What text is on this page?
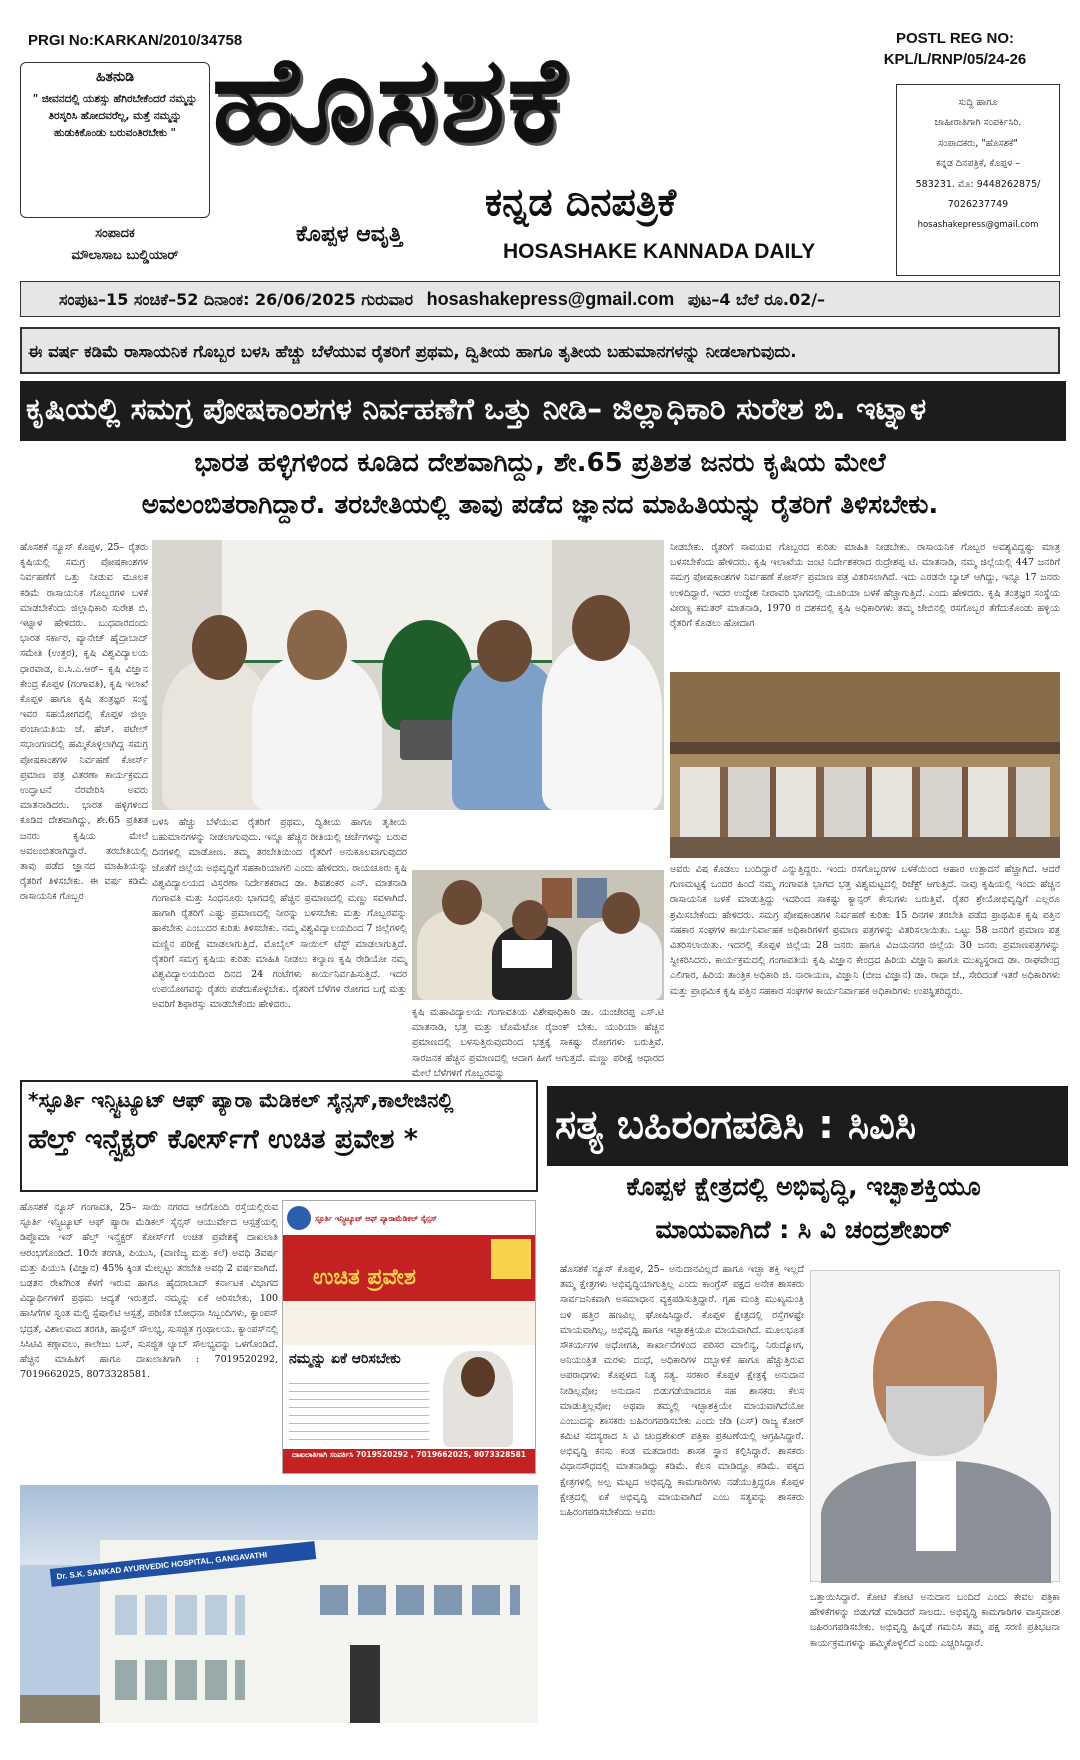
PRGI No:KARKAN/2010/34758	POSTL REG NO:
KPL/L/RNP/05/24-26
ಹಿತನುಡಿ
" ಜೀವನದಲ್ಲಿ ಯಶಸ್ಸು ಹೆಗಿರಬೇಕೆಂದರೆ ನಮ್ಮನ್ನು ತಿರಸ್ಕರಿಸಿ ಹೋದವರೆಲ್ಲ, ಮತ್ತೆ ನಮ್ಮನ್ನು ಹುಡುಕಿಕೊಂಡು ಬರುವಂತಿರಬೇಕು "
ಸಂಪಾದಕ
ಮೌಲಾಸಾಬ ಬುಲ್ಡಿಯಾರ್
ಹೊಸಶಕೆ
ಕನ್ನಡ ದಿನಪತ್ರಿಕೆ
ಕೊಪ್ಪಳ ಆವೃತ್ತಿ
HOSASHAKE KANNADA DAILY
ಸುದ್ದಿ ಹಾಗೂ
ಜಾಹೀರಾತಿಗಾಗಿ ಸಂಪರ್ಕಿಸಿರಿ.
ಸಂಪಾದಕರು, "ಹೊಸಶಕೆ"
ಕನ್ನಡ ದಿನಪತ್ರಿಕೆ, ಕೊಪ್ಪಳ –
583231. ಮೊ: 9448262875/
7026237749
hosashakepress@gmail.com
ಸಂಪುಟ–15 ಸಂಚಿಕೆ–52 ದಿನಾಂಕ: 26/06/2025 ಗುರುವಾರ hosashakepress@gmail.com ಪುಟ–4 ಬೆಲೆ ರೂ.02/–
ಈ ವರ್ಷ ಕಡಿಮೆ ರಾಸಾಯನಿಕ ಗೊಬ್ಬರ ಬಳಸಿ ಹೆಚ್ಚು ಬೆಳೆಯುವ ರೈತರಿಗೆ ಪ್ರಥಮ, ದ್ವಿತೀಯ ಹಾಗೂ ತೃತೀಯ ಬಹುಮಾನಗಳನ್ನು ನೀಡಲಾಗುವುದು.
ಕೃಷಿಯಲ್ಲಿ ಸಮಗ್ರ ಪೋಷಕಾಂಶಗಳ ನಿರ್ವಹಣೆಗೆ ಒತ್ತು ನೀಡಿ– ಜಿಲ್ಲಾಧಿಕಾರಿ ಸುರೇಶ ಬಿ. ಇಟ್ನಾಳ
ಭಾರತ ಹಳ್ಳಿಗಳಿಂದ ಕೂಡಿದ ದೇಶವಾಗಿದ್ದು, ಶೇ.65 ಪ್ರತಿಶತ ಜನರು ಕೃಷಿಯ ಮೇಲೆ
ಅವಲಂಬಿತರಾಗಿದ್ದಾರೆ. ತರಬೇತಿಯಲ್ಲಿ ತಾವು ಪಡೆದ ಜ್ಞಾನದ ಮಾಹಿತಿಯನ್ನು ರೈತರಿಗೆ ತಿಳಿಸಬೇಕು.
ಹೊಸಶಕೆ ನ್ಯೂಸ್ ಕೊಪ್ಪಳ, 25– ರೈತರು ಕೃಷಿಯಲ್ಲಿ ಸಮಗ್ರ ಪೋಷಕಾಂಶಗಳ ನಿರ್ವಹಣೆಗೆ ಒತ್ತು ನೀಡುವ ಮೂಲಕ ಕಡಿಮೆ ರಾಸಾಯನಿಕ ಗೊಬ್ಬರಗಳ ಬಳಕೆ ಮಾಡಬೇಕೆಂದು ಜಿಲ್ಲಾಧಿಕಾರಿ ಸುರೇಶ ಬಿ. ಇಟ್ನಾಳ ಹೇಳಿದರು. ಬುಧವಾರದಂದು ಭಾರತ ಸರ್ಕಾರ, ವ್ಯಾನೇಜ್ ಹೈದ್ರಾಬಾದ್ ಸಮೇತಿ (ಉತ್ತರ), ಕೃಷಿ ವಿಶ್ವವಿದ್ಯಾಲಯ ಧಾರವಾಡ, ಐ.ಸಿ.ಎ.ಆರ್– ಕೃಷಿ ವಿಜ್ಞಾನ ಕೇಂದ್ರ ಕೊಪ್ಪಳ (ಗಂಗಾವತಿ), ಕೃಷಿ ಇಲಾಖೆ ಕೊಪ್ಪಳ ಹಾಗೂ ಕೃಷಿ ತಂತ್ರಜ್ಞರ ಸಂಸ್ಥೆ ಇವರ ಸಹಯೋಗದಲ್ಲಿ ಕೊಪ್ಪಳ ಜಿಲ್ಲಾ ಪಂಚಾಯತಿಯ ಜೆ. ಹೆಚ್. ಪಟೇಲ್ ಸಭಾಂಗಣದಲ್ಲಿ ಹಮ್ಮಿಕೊಳ್ಳಲಾಗಿದ್ದ ಸಮಗ್ರ ಪೋಷಕಾಂಶಗಳ ನಿರ್ವಹಣೆ ಕೋರ್ಸ್ ಪ್ರಮಾಣ ಪತ್ರ ವಿತರಣಾ ಕಾರ್ಯಕ್ರಮದ ಉದ್ಘಾಟನೆ ನೆರವೇರಿಸಿ ಅವರು ಮಾತನಾಡಿದರು. ಭಾರತ ಹಳ್ಳಿಗಳಿಂದ ಕೂಡಿದ ದೇಶವಾಗಿದ್ದು, ಶೇ.65 ಪ್ರತಿಶತ ಜನರು ಕೃಷಿಯ ಮೇಲೆ ಅವಲಂಬಿತರಾಗಿದ್ದಾರೆ. ತರಬೇತಿಯಲ್ಲಿ ತಾವು ಪಡೆದ ಜ್ಞಾನದ ಮಾಹಿತಿಯನ್ನು ರೈತರಿಗೆ ತಿಳಿಸಬೇಕು. ಈ ವರ್ಷ ಕಡಿಮೆ ರಾಸಾಯನಿಕ ಗೊಬ್ಬರ
ಬಳಸಿ ಹೆಚ್ಚು ಬೆಳೆಯುವ ರೈತರಿಗೆ ಪ್ರಥಮ, ದ್ವಿತೀಯ ಹಾಗೂ ತೃತೀಯ ಬಹುಮಾನಗಳನ್ನು ನೀಡಲಾಗುವುದು. ಇನ್ನೂ ಹೆಚ್ಚಿನ ರೀತಿಯಲ್ಲಿ ಚರ್ಚೆಗಳನ್ನು ಬರುವ ದಿನಗಳಲ್ಲಿ ಮಾಡೋಣ. ತಮ್ಮ ತರಬೇತಿಯಿಂದ ರೈತರಿಗೆ ಅನುಕೂಲವಾಗುವುದರ ಜೊತೆಗೆ ಜಿಲ್ಲೆಯ ಅಭಿವೃದ್ಧಿಗೆ ಸಹಕಾರಿಯಾಗಲಿ ಎಂದು ಹೇಳಿದರು. ರಾಯಚೂರು ಕೃಷಿ ವಿಶ್ವವಿದ್ಯಾಲಯದ ವಿಸ್ತರಣಾ ನಿರ್ದೇಶಕರಾದ ಡಾ. ಶಿವಶಂಕರ ಎನ್. ಮಾತನಾಡಿ ಗಂಗಾವತಿ ಮತ್ತು ಸಿಂಧನೂರು ಭಾಗದಲ್ಲಿ ಹೆಚ್ಚಿನ ಪ್ರಮಾಣದಲ್ಲಿ ಮಣ್ಣು ಸವಳಾಗಿದೆ. ಹಾಗಾಗಿ ರೈತರಿಗೆ ಎಷ್ಟು ಪ್ರಮಾಣದಲ್ಲಿ ನೀರನ್ನು ಬಳಸಬೇಕು ಮತ್ತು ಗೊಬ್ಬರವನ್ನು ಹಾಕಬೇಕು ಎಂಬುದರ ಕುರಿತು ತಿಳಿಸಬೇಕು. ನಮ್ಮ ವಿಶ್ವವಿದ್ಯಾಲಯದಿಂದ 7 ಜಿಲ್ಲೆಗಳಲ್ಲಿ ಮಣ್ಣಿನ ಪರೀಕ್ಷೆ ಮಾಡಲಾಗುತ್ತಿದೆ. ಮೊಬೈಲ್ ಸಾಯಿಲ್ ಟೆಸ್ಟ್ ಮಾಡಲಾಗುತ್ತಿದೆ. ರೈತರಿಗೆ ಸಮಗ್ರ ಕೃಷಿಯ ಕುರಿತು ಮಾಹಿತಿ ನೀಡಲು ಕಲ್ಯಾಣ ಕೃಷಿ ರೇಡಿಯೋ ನಮ್ಮ ವಿಶ್ವವಿದ್ಯಾಲಯದಿಂದ ದಿನದ 24 ಗಂಟೆಗಳು ಕಾರ್ಯನಿರ್ವಹಿಸುತ್ತಿದೆ. ಇದರ ಉಪಯೋಗವನ್ನು ರೈತರು ಪಡೆದುಕೊಳ್ಳಬೇಕು. ರೈತರಿಗೆ ಬೆಳೆಗಳ ರೋಗದ ಬಗ್ಗೆ ಮತ್ತು ಅವರಿಗೆ ಶಿಫಾರಸ್ಸು ಮಾಡಬೇಕೆಂದು ಹೇಳಿದರು.
ಕೃಷಿ ಮಹಾವಿದ್ಯಾಲಯ ಗಂಗಾವತಿಯ ವಿಶೇಷಾಧಿಕಾರಿ ಡಾ. ಯಂಜೇರಪ್ಪ ಎಸ್.ಟಿ ಮಾತನಾಡಿ, ಭತ್ತ ಮತ್ತು ಟೊಮೆಟೋ ರೈಜಂಕ್ ಬೇಕು. ಯುರಿಯಾ ಹೆಚ್ಚಿನ ಪ್ರಮಾಣದಲ್ಲಿ ಬಳಸುತ್ತಿರುವುದರಿಂದ ಭತ್ತಕ್ಕೆ ಸಾಕಷ್ಟು ರೋಗಗಳು ಬರುತ್ತಿವೆ. ಸಾರಜನಕ ಹೆಚ್ಚಿನ ಪ್ರಮಾಣದಲ್ಲಿ ಆದಾಗ ಹೀಗೆ ಆಗುತ್ತದೆ. ಮಣ್ಣು ಪರೀಕ್ಷೆ ಆಧಾರದ ಮೇಲೆ ಬೆಳೆಗಳಿಗೆ ಗೊಬ್ಬರವನ್ನು
ನೀಡಬೇಕು. ರೈತರಿಗೆ ಸಾವಯವ ಗೊಬ್ಬರದ ಕುರಿತು ಮಾಹಿತಿ ನೀಡಬೇಕು. ರಾಸಾಯನಿಕ ಗೊಬ್ಬರ ಅವಶ್ಯವಿದ್ದಷ್ಟು ಮಾತ್ರ ಬಳಸಬೇಕೆಂದು ಹೇಳಿದರು. ಕೃಷಿ ಇಲಾಖೆಯ ಜಂಟಿ ನಿರ್ದೇಶಕರಾದ ರುದ್ರೇಶಪ್ಪ ಟಿ. ಮಾತನಾಡಿ, ನಮ್ಮ ಜಿಲ್ಲೆಯಲ್ಲಿ 447 ಜನರಿಗೆ ಸಮಗ್ರ ಪೋಷಕಾಂಶಗಳ ನಿರ್ವಹಣೆ ಕೋರ್ಸ್ ಪ್ರಮಾಣ ಪತ್ರ ವಿತರಿಸಲಾಗಿದೆ. ಇದು ಎರಡನೇ ಬ್ಯಾಚ್ ಆಗಿದ್ದು, ಇನ್ನೂ 17 ಜನರು ಉಳಿದಿದ್ದಾರೆ. ಇದರ ಉದ್ದೇಶ ನೀರಾವರಿ ಭಾಗದಲ್ಲಿ ಯೂರಿಯಾ ಬಳಕೆ ಹೆಚ್ಚಾಗುತ್ತಿದೆ. ಎಂದು ಹೇಳಿದರು. ಕೃಷಿ ತಂತ್ರಜ್ಞರ ಸಂಸ್ಥೆಯ ವೀರಣ್ಣ ಕಮತರ್ ಮಾತನಾಡಿ, 1970 ರ ದಶಕದಲ್ಲಿ ಕೃಷಿ ಅಧಿಕಾರಿಗಳು ತಮ್ಮ ಜೇಬಿನಲ್ಲಿ ರಸಗೊಬ್ಬರ ತೆಗೆದುಕೊಂಡು ಹಳ್ಳಿಯ ರೈತರಿಗೆ ಕೊಡಲು ಹೋದಾಗ
ಅವರು ವಿಷ ಕೊಡಲು ಬಂದಿದ್ದಾರೆ ಎನ್ನುತ್ತಿದ್ದರು. ಇಂದು ರಸಗೊಬ್ಬರಗಳ ಬಳಕೆಯಿಂದ ಆಹಾರ ಉತ್ಪಾದನೆ ಹೆಚ್ಚಾಗಿದೆ. ಆದರೆ ಗುಣಮಟ್ಟಕ್ಕೆ ಒಂದರ ಹಿಂದೆ ನಮ್ಮ ಗಂಗಾವತಿ ಭಾಗದ ಭತ್ತ ವಿಶ್ವಮಟ್ಟದಲ್ಲಿ ರಿಜೆಕ್ಟ್ ಆಗುತ್ತಿದೆ. ನಾವು ಕೃಷಿಯಲ್ಲಿ ಇಂದು ಹೆಚ್ಚಿನ ರಾಸಾಯನಿಕ ಬಳಕೆ ಮಾಡುತ್ತಿದ್ದು ಇದರಿಂದ ಸಾಕಷ್ಟು ಕ್ಯಾನ್ಸರ್ ಕೇಸುಗಳು ಬರುತ್ತಿವೆ. ರೈತರ ಶ್ರೇಯೋಭಿವೃದ್ಧಿಗೆ ಎಲ್ಲರೂ ಶ್ರಮಿಸಬೇಕೆಂದು ಹೇಳಿದರು. ಸಮಗ್ರ ಪೋಷಕಾಂಶಗಳ ನಿರ್ವಹಣೆ ಕುರಿತು 15 ದಿನಗಳ ತರಬೇತಿ ಪಡೆದ ಪ್ರಾಥಮಿಕ ಕೃಷಿ ಪತ್ತಿನ ಸಹಕಾರ ಸಂಘಗಳ ಕಾರ್ಯನಿರ್ವಾಹಕ ಅಧಿಕಾರಿಗಳಿಗೆ ಪ್ರಮಾಣ ಪತ್ರಗಳನ್ನು ವಿತರಿಸಲಾಯಿತು. ಒಟ್ಟು 58 ಜನರಿಗೆ ಪ್ರಮಾಣ ಪತ್ರ ವಿತರಿಸಲಾಯಿತು. ಇದರಲ್ಲಿ ಕೊಪ್ಪಳ ಜಿಲ್ಲೆಯ 28 ಜನರು ಹಾಗೂ ವಿಜಯನಗರ ಜಿಲ್ಲೆಯ 30 ಜನರು ಪ್ರಮಾಣಪತ್ರಗಳನ್ನು ಸ್ವೀಕರಿಸಿದರು. ಕಾರ್ಯಕ್ರಮದಲ್ಲಿ ಗಂಗಾವತಿಯ ಕೃಷಿ ವಿಜ್ಞಾನ ಕೇಂದ್ರದ ಹಿರಿಯ ವಿಜ್ಞಾನಿ ಹಾಗೂ ಮುಖ್ಯಸ್ಥರಾದ ಡಾ. ರಾಘವೇಂದ್ರ ಎಲಿಗಾರ, ಹಿರಿಯ ತಾಂತ್ರಿಕ ಅಧಿಕಾರಿ ಜಿ. ನಾರಾಯಣ, ವಿಜ್ಞಾನಿ (ಬೀಜ ವಿಜ್ಞಾನ) ಡಾ. ರಾಧಾ ಜೆ., ಸೇರಿದಂತೆ ಇತರೆ ಅಧಿಕಾರಿಗಳು ಮತ್ತು ಪ್ರಾಥಮಿಕ ಕೃಷಿ ಪತ್ತಿನ ಸಹಕಾರ ಸಂಘಗಳ ಕಾರ್ಯನಿರ್ವಾಹಕ ಅಧಿಕಾರಿಗಳು ಉಪಸ್ಥಿತರಿದ್ದರು.
*ಸ್ಫೂರ್ತಿ ಇನ್ಸ್ಟಿಟ್ಯೂಟ್ ಆಫ್ ಪ್ಯಾರಾ ಮೆಡಿಕಲ್ ಸೈನ್ಸಸ್,ಕಾಲೇಜಿನಲ್ಲಿ
ಹೆಲ್ತ್ ಇನ್ಸ್ಪೆಕ್ಟರ್ ಕೋರ್ಸ್‌ಗೆ ಉಚಿತ ಪ್ರವೇಶ *
ಹೊಸಶಕೆ ನ್ಯೂಸ್ ಗಂಗಾವತಿ, 25– ಸಾಯಿ ನಗರದ ಆನೆಗೊಂದಿ ರಸ್ತೆಯಲ್ಲಿರುವ ಸ್ಫೂರ್ತಿ ಇನ್ಸ್ಟಿಟ್ಯೂಟ್ ಆಫ್ ಪ್ಯಾರಾ ಮೆಡಿಕಲ್ ಸೈನ್ಸಸ್ ಆಯುರ್ವೇದ ಆಸ್ಪತ್ರೆಯಲ್ಲಿ ಡಿಪ್ಲೊಮಾ ಇನ್ ಹೆಲ್ತ್ ಇನ್ಸ್ಪೆಕ್ಟರ್ ಕೋರ್ಸ್‌ಗೆ ಉಚಿತ ಪ್ರವೇಶಕ್ಕೆ ದಾಖಲಾತಿ ಆರಂಭಗೊಂಡಿದೆ. 10ನೇ ತರಗತಿ, ಪಿಯುಸಿ, (ವಾಣಿಜ್ಯ ಮತ್ತು ಕಲೆ) ಅವಧಿ 3ವರ್ಷ ಮತ್ತು ಪಿಯುಸಿ (ವಿಜ್ಞಾನ) 45% ಕ್ಕಿಂತ ಮೇಲ್ಪಟ್ಟು ತರಬೇತಿ ಅವಧಿ 2 ವರ್ಷವಾಗಿದೆ. ಬಡತನ ರೇಖೆಗಿಂತ ಕೆಳಗೆ ಇರುವ ಹಾಗೂ ಹೈದರಾಬಾದ್ ಕರ್ನಾಟಕ ವಿಭಾಗದ ವಿದ್ಯಾರ್ಥಿಗಳಿಗೆ ಪ್ರಥಮ ಆದ್ಯತೆ ಇರುತ್ತದೆ. ನಮ್ಮನ್ನು ಏಕೆ ಆರಿಸಬೇಕು, 100 ಹಾಸಿಗೆಗಳ ಸ್ವಂತ ಮಲ್ಟಿ ಸ್ಪೆಷಾಲಿಟಿ ಆಸ್ಪತ್ರೆ, ಪರಿಣಿತ ಬೋಧನಾ ಸಿಬ್ಬಂದಿಗಳು, ಕ್ಯಾಂಪಸ್ ಭದ್ರತೆ, ವಿಶಾಲವಾದ ತರಗತಿ, ಹಾಸ್ಟೆಲ್ ಸೌಲಭ್ಯ, ಸುಸಜ್ಜಿತ ಗ್ರಂಥಾಲಯ. ಕ್ಯಾಂಪಸ್‌ನಲ್ಲಿ ಸಿಸಿಟಿವಿ ಕಣ್ಗಾವಲು, ಕಾಲೇಜು ಬಸ್, ಸುಸಜ್ಜಿತ ಲ್ಯಾಬ್ ಸೌಲಭ್ಯವನ್ನು ಒಳಗೊಂಡಿದೆ. ಹೆಚ್ಚಿನ ಮಾಹಿತಿಗೆ ಹಾಗೂ ದಾಖಲಾತಿಗಾಗಿ : 7019520292, 7019662025, 8073328581.
ಸ್ಫೂರ್ತಿ ಇನ್ಸ್ಟಿಟ್ಯೂಟ್ ಆಫ್ ಪ್ಯಾರಾಮೆಡಿಕಲ್ ಸೈನ್ಸಸ್
ಉಚಿತ ಪ್ರವೇಶ
ನಮ್ಮನ್ನು ಏಕೆ ಆರಿಸಬೇಕು
ದಾಖಲಾತಿಗಾಗಿ ಸಂಪರ್ಕಿಸಿ 7019520292 , 7019662025, 8073328581
Dr. S.K. SANKAD AYURVEDIC HOSPITAL, GANGAVATHI
ಸತ್ಯ ಬಹಿರಂಗಪಡಿಸಿ : ಸಿವಿಸಿ
ಕೊಪ್ಪಳ ಕ್ಷೇತ್ರದಲ್ಲಿ ಅಭಿವೃದ್ಧಿ, ಇಚ್ಛಾಶಕ್ತಿಯೂ
ಮಾಯವಾಗಿದೆ : ಸಿ ವಿ ಚಂದ್ರಶೇಖರ್
ಹೊಸಶಕೆ ನ್ಯೂಸ್ ಕೊಪ್ಪಳ, 25– ಅನುದಾನವಿಲ್ಲದೆ ಹಾಗೂ ಇಚ್ಛಾ ಶಕ್ತಿ ಇಲ್ಲದೆ ತಮ್ಮ ಕ್ಷೇತ್ರಗಳು ಅಭಿವೃದ್ಧಿಯಾಗುತ್ತಿಲ್ಲ ಎಂದು ಕಾಂಗ್ರೆಸ್ ಪಕ್ಷದ ಅನೇಕ ಶಾಸಕರು ಸಾರ್ವಜನಿಕವಾಗಿ ಅಸಮಾಧಾನ ವ್ಯಕ್ತಪಡಿಸುತ್ತಿದ್ದಾರೆ. ಗೃಹ ಮಂತ್ರಿ ಮುಖ್ಯಮಂತ್ರಿ ಬಳಿ ಹತ್ತಿರ ಹಣವಿಲ್ಲ ಘೋಷಿಸಿದ್ದಾರೆ. ಕೊಪ್ಪಳ ಕ್ಷೇತ್ರದಲ್ಲಿ ರಸ್ತೆಗಳಷ್ಟೇ ಮಾಯವಾಗಿಲ್ಲ, ಅಭಿವೃದ್ಧಿ ಹಾಗೂ ಇಚ್ಛಾಶಕ್ತಿಯೂ ಮಾಯವಾಗಿದೆ. ಮೂಲಭೂತ ಸೌಕರ್ಯಗಳ ಅಧೋಗತಿ, ಕಾರ್ಖಾನೆಗಳಿಂದ ಪರಿಸರ ಮಾಲಿನ್ಯ, ನಿರುದ್ಯೋಗ, ಅನಿಯಂತ್ರಿತ ಮರಳು ದಂಧೆ, ಅಧಿಕಾರಿಗಳ ದಬ್ಬಾಳಿಕೆ ಹಾಗೂ ಹೆಚ್ಚುತ್ತಿರುವ ಅಪರಾಧಗಳು ಕೊಪ್ಪಳದ ನಿತ್ಯ ಸತ್ಯ. ಸರಕಾರ ಕೊಪ್ಪಳ ಕ್ಷೇತ್ರಕ್ಕೆ ಅನುದಾನ ನೀಡಿಲ್ಲವೋ; ಅನುದಾನ ಬಿಡುಗಡೆಯಾದರೂ ಸಹ ಶಾಸಕರು ಕೆಲಸ ಮಾಡುತ್ತಿಲ್ಲವೋ; ಅಥವಾ ತಮ್ಮಲ್ಲಿ ಇಚ್ಛಾಶಕ್ತಿಯೇ ಮಾಯವಾಗಿದೆಯೋ ಎಂಬುದನ್ನು ಶಾಸಕರು ಬಹಿರಂಗಪಡಿಸಬೇಕು ಎಂದು ಜೆಡಿ (ಎಸ್) ರಾಜ್ಯ ಕೋರ್ ಕಮಿಟಿ ಸದಸ್ಯರಾದ ಸಿ ವಿ ಚಂದ್ರಶೇಖರ್ ಪತ್ರಿಕಾ ಪ್ರಕಟಣೆಯಲ್ಲಿ ಆಗ್ರಹಿಸಿದ್ದಾರೆ. ಅಭಿವೃದ್ಧಿ ಕನಸು ಕಂಡ ಮತದಾರರು ಶಾಸಕ ಸ್ಥಾನ ಕಲ್ಪಿಸಿದ್ದಾರೆ. ಶಾಸಕರು ವಿಧಾನಸೌಧದಲ್ಲಿ ಮಾತನಾಡಿದ್ದು ಕಡಿಮೆ. ಕೆಲಸ ಮಾಡಿದ್ದೂ ಕಡಿಮೆ. ಪಕ್ಕದ ಕ್ಷೇತ್ರಗಳಲ್ಲಿ ಅಲ್ಪ ಮಟ್ಟದ ಅಭಿವೃದ್ಧಿ ಕಾಮಗಾರಿಗಳು ನಡೆಯುತ್ತಿದ್ದರೂ ಕೊಪ್ಪಳ ಕ್ಷೇತ್ರದಲ್ಲಿ ಏಕೆ ಅಭಿವೃದ್ಧಿ ಮಾಯವಾಗಿದೆ ಎಂಬ ಸತ್ಯವನ್ನು ಶಾಸಕರು ಬಹಿರಂಗಪಡಿಸಬೇಕೆಂದು ಅವರು
ಒತ್ತಾಯಿಸಿದ್ದಾರೆ. ಕೋಟಿ ಕೋಟಿ ಅನುದಾನ ಬಂದಿದೆ ಎಂದು ಕೇವಲ ಪತ್ರಿಕಾ ಹೇಳಿಕೆಗಳನ್ನು ಬಿಡುಗಡೆ ಮಾಡಿದರೆ ಸಾಲದು. ಅಭಿವೃದ್ಧಿ ಕಾಮಗಾರಿಗಳ ವಾಸ್ತವಾಂಶ ಬಹಿರಂಗಪಡಿಸಬೇಕು. ಅಭಿವೃದ್ಧಿ ಹಿನ್ನಡೆ ಗಮನಿಸಿ ತಮ್ಮ ಪಕ್ಷ ಸರಣಿ ಪ್ರತಿಭಟನಾ ಕಾರ್ಯಕ್ರಮಗಳನ್ನು ಹಮ್ಮಿಕೊಳ್ಳಲಿದೆ ಎಂದು ಎಚ್ಚರಿಸಿದ್ದಾರೆ.
